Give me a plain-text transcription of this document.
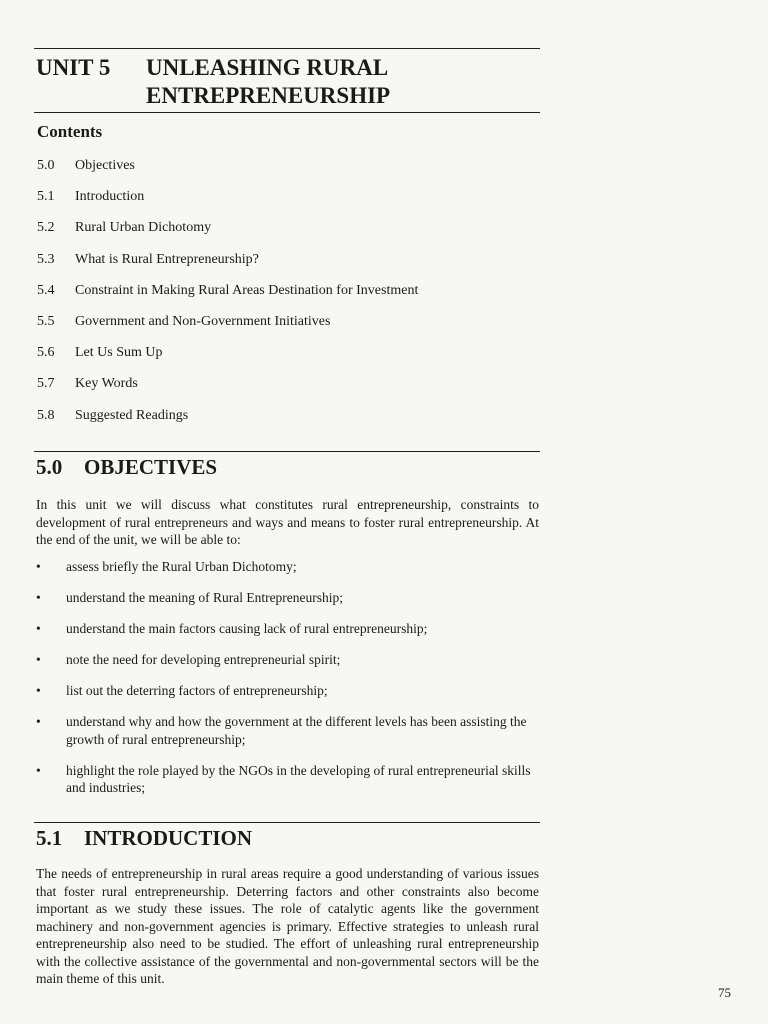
UNIT 5 UNLEASHING RURAL ENTREPRENEURSHIP
Contents
5.0 Objectives
5.1 Introduction
5.2 Rural Urban Dichotomy
5.3 What is Rural Entrepreneurship?
5.4 Constraint in Making Rural Areas Destination for Investment
5.5 Government and Non-Government Initiatives
5.6 Let Us Sum Up
5.7 Key Words
5.8 Suggested Readings
5.0 OBJECTIVES

In this unit we will discuss what constitutes rural entrepreneurship, constraints to development of rural entrepreneurs and ways and means to foster rural entrepreneurship. At the end of the unit, we will be able to:

• assess briefly the Rural Urban Dichotomy;
• understand the meaning of Rural Entrepreneurship;
• understand the main factors causing lack of rural entrepreneurship;
• note the need for developing entrepreneurial spirit;
• list out the deterring factors of entrepreneurship;
• understand why and how the government at the different levels has been assisting the growth of rural entrepreneurship;
• highlight the role played by the NGOs in the developing of rural entrepreneurial skills and industries;
5.1 INTRODUCTION

The needs of entrepreneurship in rural areas require a good understanding of various issues that foster rural entrepreneurship. Deterring factors and other constraints also become important as we study these issues. The role of catalytic agents like the government machinery and non-government agencies is primary. Effective strategies to unleash rural entrepreneurship also need to be studied. The effort of unleashing rural entrepreneurship with the collective assistance of the governmental and non-governmental sectors will be the main theme of this unit.

75
